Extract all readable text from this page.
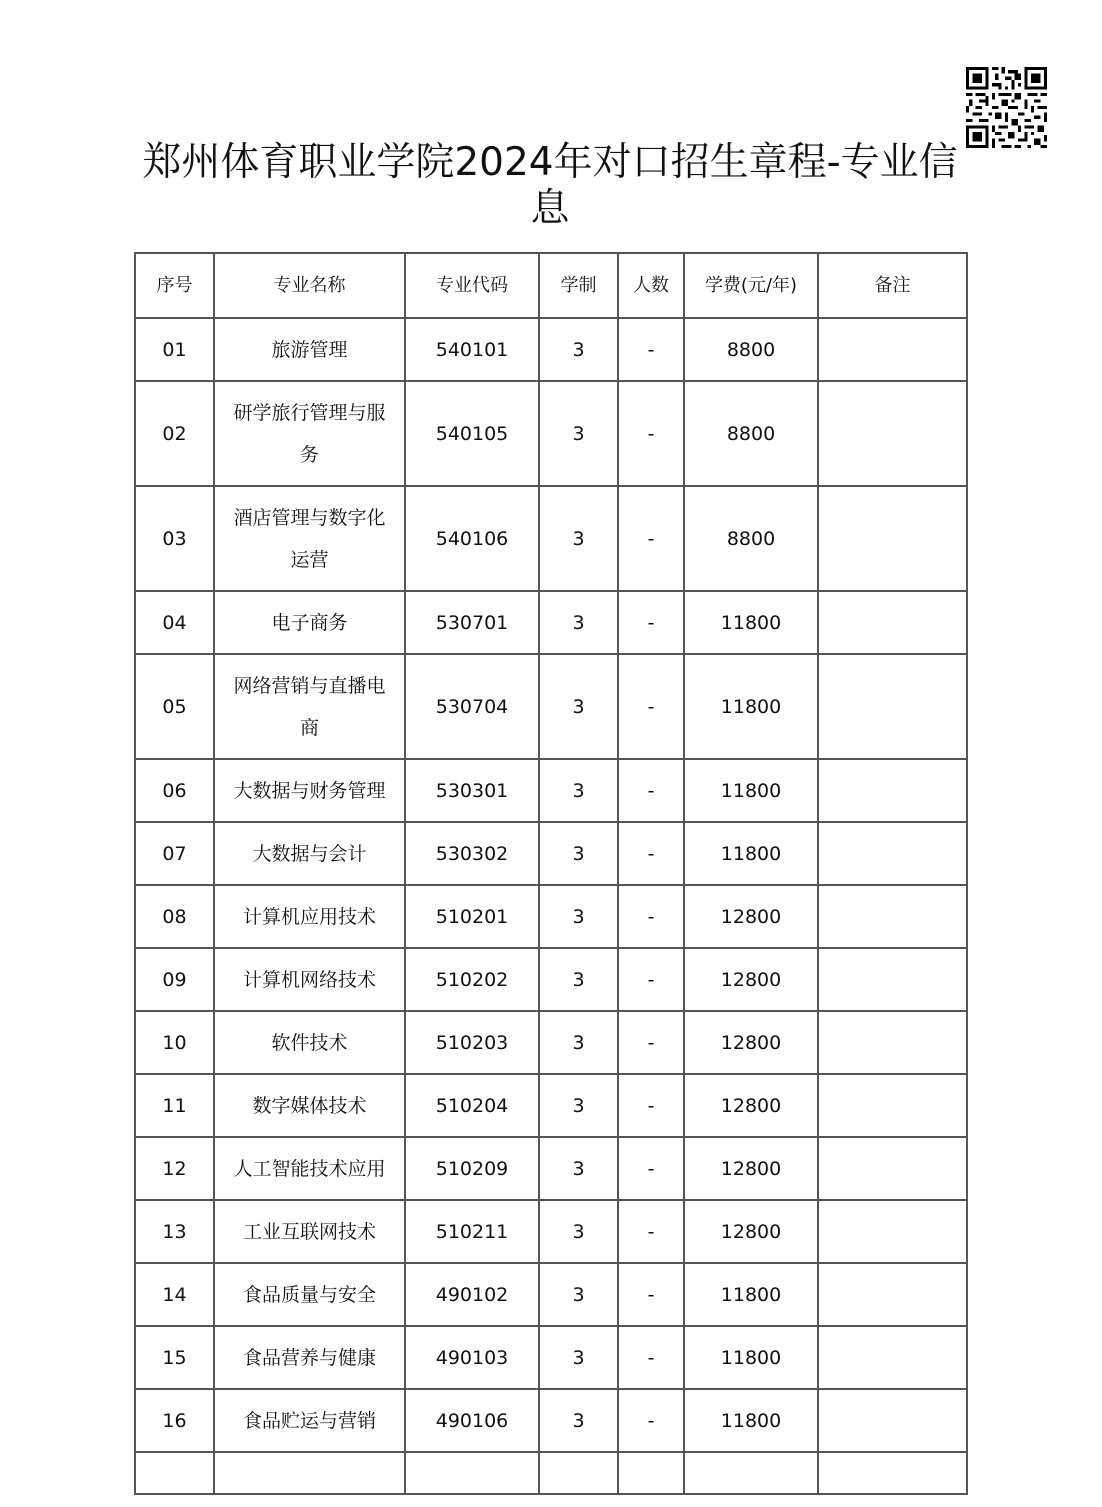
郑州体育职业学院2024年对口招生章程-专业信息
序号	专业名称	专业代码	学制	人数	学费(元/年)	备注
01	旅游管理	540101	3	-	8800	
02	研学旅行管理与服务	540105	3	-	8800	
03	酒店管理与数字化运营	540106	3	-	8800	
04	电子商务	530701	3	-	11800	
05	网络营销与直播电商	530704	3	-	11800	
06	大数据与财务管理	530301	3	-	11800	
07	大数据与会计	530302	3	-	11800	
08	计算机应用技术	510201	3	-	12800	
09	计算机网络技术	510202	3	-	12800	
10	软件技术	510203	3	-	12800	
11	数字媒体技术	510204	3	-	12800	
12	人工智能技术应用	510209	3	-	12800	
13	工业互联网技术	510211	3	-	12800	
14	食品质量与安全	490102	3	-	11800	
15	食品营养与健康	490103	3	-	11800	
16	食品贮运与营销	490106	3	-	11800	
